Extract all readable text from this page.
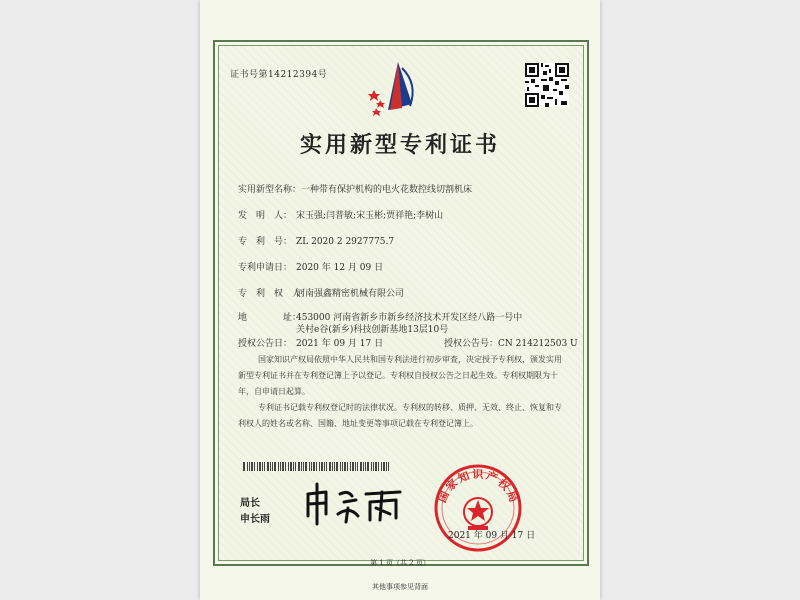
证书号第14212394号
实用新型专利证书
实用新型名称：一种带有保护机构的电火花数控线切割机床
发　明　人： 宋玉强;闫普敏;宋玉彬;贾祥艳;李树山
专　利　号： ZL 2020 2 2927775.7
专利申请日： 2020 年 12 月 09 日
专　利　权　人：河南强鑫精密机械有限公司
地　　　　址：453000 河南省新乡市新乡经济技术开发区经八路一号中
关村e谷(新乡)科技创新基地13层10号
授权公告日： 2021 年 09 月 17 日	授权公告号：CN 214212503 U
国家知识产权局依照中华人民共和国专利法进行初步审查，决定授予专利权，颁发实用
新型专利证书并在专利登记簿上予以登记。专利权自授权公告之日起生效。专利权期限为十
年，自申请日起算。
专利证书记载专利权登记时的法律状况。专利权的转移、质押、无效、终止、恢复和专
利权人的姓名或名称、国籍、地址变更等事项记载在专利登记簿上。
局长
申长雨
国家知识产权局
2021 年 09 月 17 日
第 1 页（共 2 页）
其他事项参见背面
